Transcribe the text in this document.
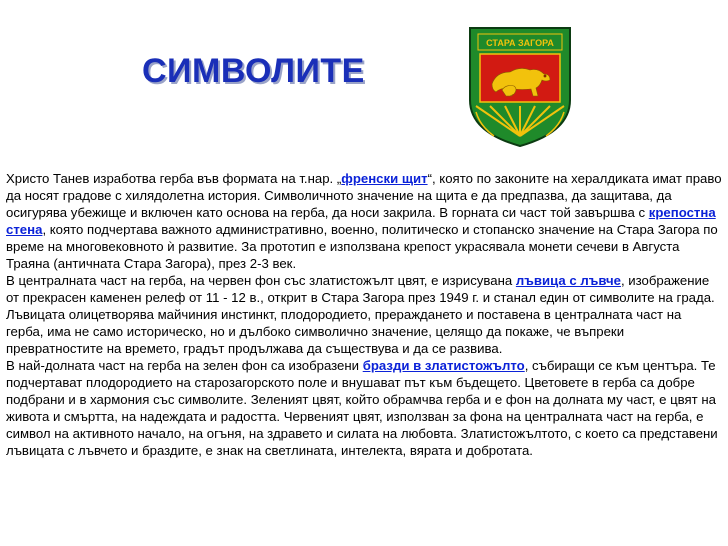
СИМВОЛИТЕ
СТАРА ЗАГОРА
Христо Танев изработва герба във формата на т.нар. „френски щит“, която по законите на хералдиката имат право да носят градове с хилядолетна история. Символичното значение на щита е да предпазва, да защитава, да осигурява убежище и включен като основа на герба, да носи закрила. В горната си част той завършва с крепостна стена, която подчертава важното административно, военно, политическо и стопанско значение на Стара Загора по време на многовековното ѝ развитие. За прототип е използвана крепост украсявала монети сечеви в Августа Траяна (античната Стара Загора), през 2-3 век.
В централната част на герба, на червен фон със златистожълт цвят, е изрисувана лъвица с лъвче, изображение от прекрасен каменен релеф от 11 - 12 в., открит в Стара Загора през 1949 г. и станал един от символите на града. Лъвицата олицетворява майчиния инстинкт, плодородието, прераждането и поставена в централната част на герба, има не само историческо, но и дълбоко символично значение, целящо да покаже, че въпреки превратностите на времето, градът продължава да съществува и да се развива.
В най-долната част на герба на зелен фон са изобразени бразди в златистожълто, събиращи се към центъра. Те подчертават плодородието на старозагорското поле и внушават път към бъдещето. Цветовете в герба са добре подбрани и в хармония със символите. Зеленият цвят, който обрамчва герба и е фон на долната му част, е цвят на живота и смъртта, на надеждата и радостта. Червеният цвят, използван за фона на централната част на герба, е символ на активното начало, на огъня, на здравето и силата на любовта. Златистожълтото, с което са представени лъвицата с лъвчето и браздите, е знак на светлината, интелекта, вярата и добротата.
